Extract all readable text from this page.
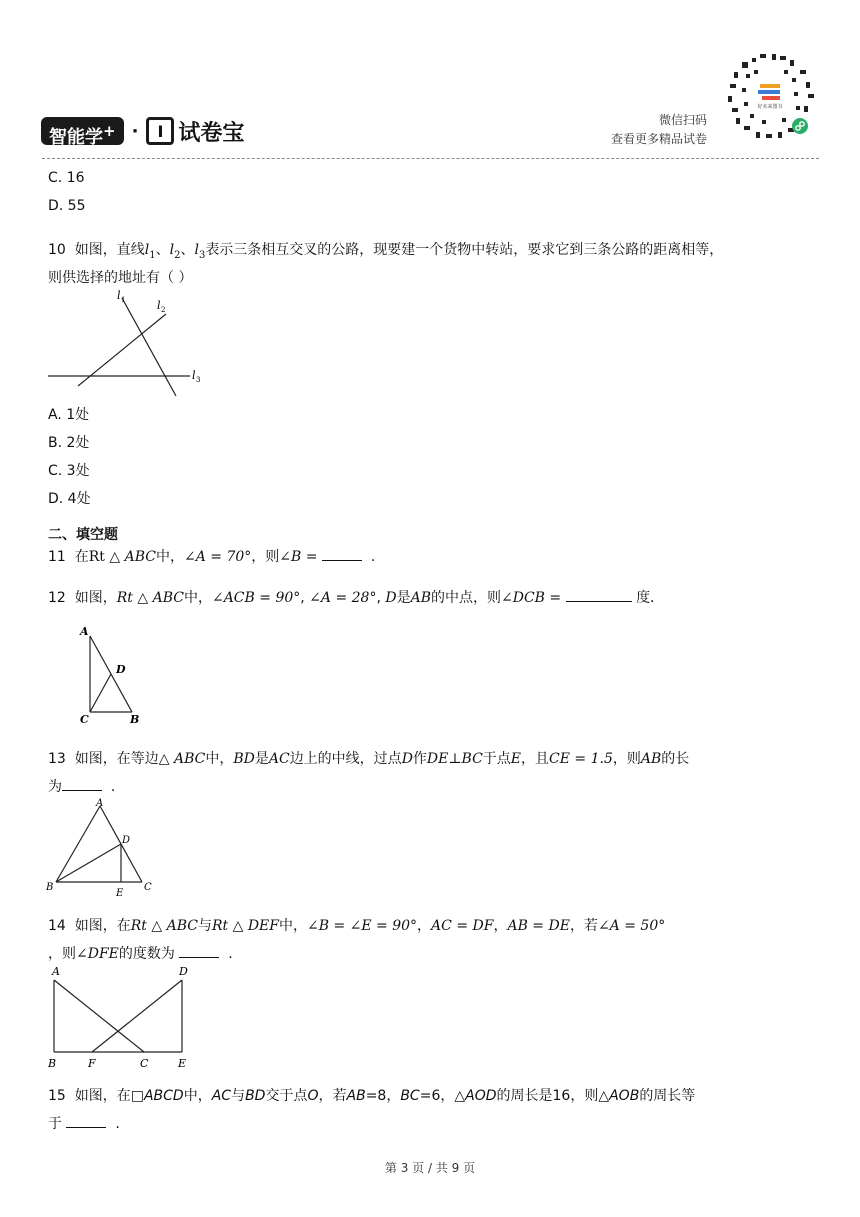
智能学+ ·	I 试卷宝
微信扫码
查看更多精品试卷
好未来图书
C. 16
D. 55
10 如图，直线$l_1$、$l_2$、$l_3$表示三条相互交叉的公路，现要建一个货物中转站，要求它到三条公路的距离相等，
则供选择的地址有（ ）
l 1	l 2
l 3
A. 1处
B. 2处
C. 3处
D. 4处
二、填空题
11 在Rt △ ABC中，∠A = 70°，则∠B =	.
12 如图，Rt △ ABC中，∠ACB = 90°, ∠A = 28°, D是AB的中点，则∠DCB =	度．
A
D
C	B
13 如图，在等边△ ABC中，BD是AC边上的中线，过点D作DE⊥BC于点E，且CE = 1.5，则AB的长
为	.
A
D
B
E
C
14 如图，在Rt △ ABC与Rt △ DEF中，∠B = ∠E = 90°，AC = DF，AB = DE，若∠A = 50°
，则∠DFE的度数为	.
A	D
B	F	C	E
15 如图，在□ABCD中，AC与BD交于点O，若AB=8，BC=6，△AOD的周长是16，则△AOB的周长等
于	.
第 3 页 / 共 9 页
